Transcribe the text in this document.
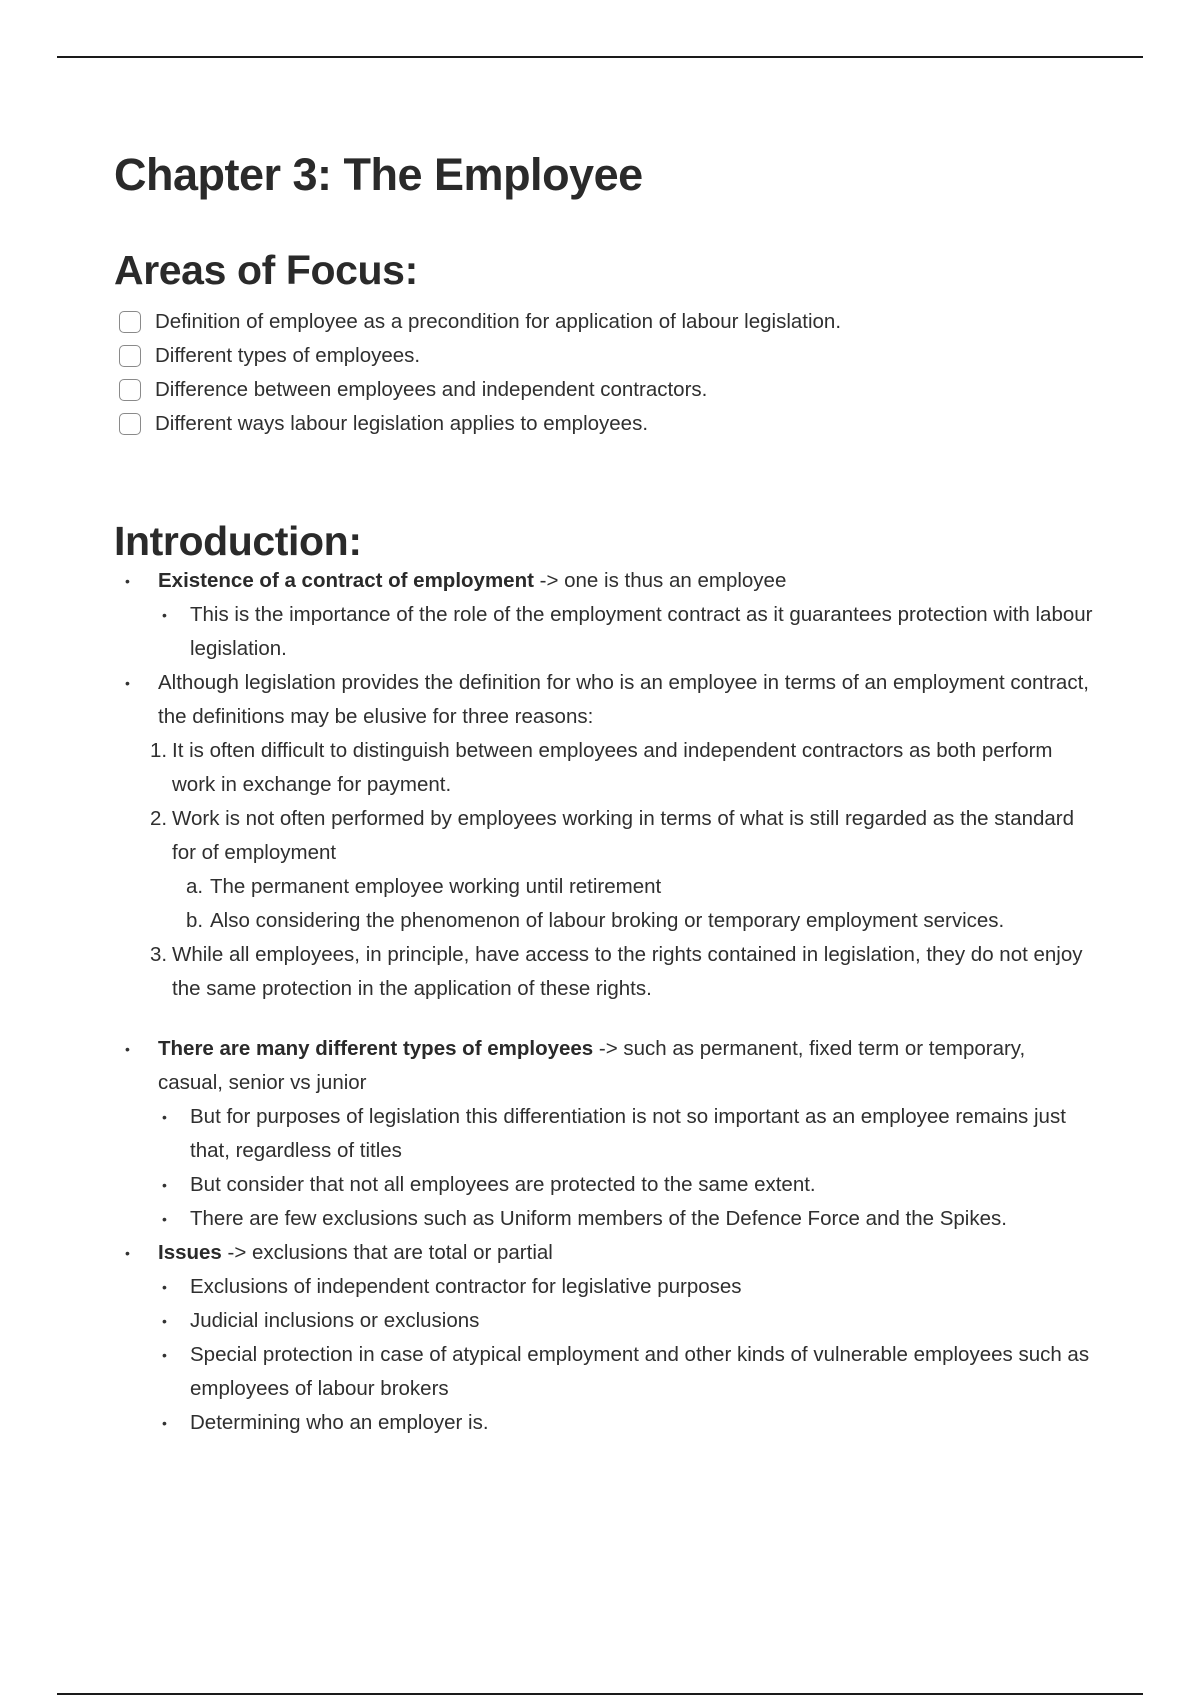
Chapter 3: The Employee
Areas of Focus:
Definition of employee as a precondition for application of labour legislation.
Different types of employees.
Difference between employees and independent contractors.
Different ways labour legislation applies to employees.
Introduction:
• Existence of a contract of employment -> one is thus an employee
• This is the importance of the role of the employment contract as it guarantees protection with labour legislation.
• Although legislation provides the definition for who is an employee in terms of an employment contract, the definitions may be elusive for three reasons:
1. It is often difficult to distinguish between employees and independent contractors as both perform work in exchange for payment.
2. Work is not often performed by employees working in terms of what is still regarded as the standard for of employment
a. The permanent employee working until retirement
b. Also considering the phenomenon of labour broking or temporary employment services.
3. While all employees, in principle, have access to the rights contained in legislation, they do not enjoy the same protection in the application of these rights.
• There are many different types of employees -> such as permanent, fixed term or temporary, casual, senior vs junior
• But for purposes of legislation this differentiation is not so important as an employee remains just that, regardless of titles
• But consider that not all employees are protected to the same extent.
• There are few exclusions such as Uniform members of the Defence Force and the Spikes.
• Issues -> exclusions that are total or partial
• Exclusions of independent contractor for legislative purposes
• Judicial inclusions or exclusions
• Special protection in case of atypical employment and other kinds of vulnerable employees such as employees of labour brokers
• Determining who an employer is.
